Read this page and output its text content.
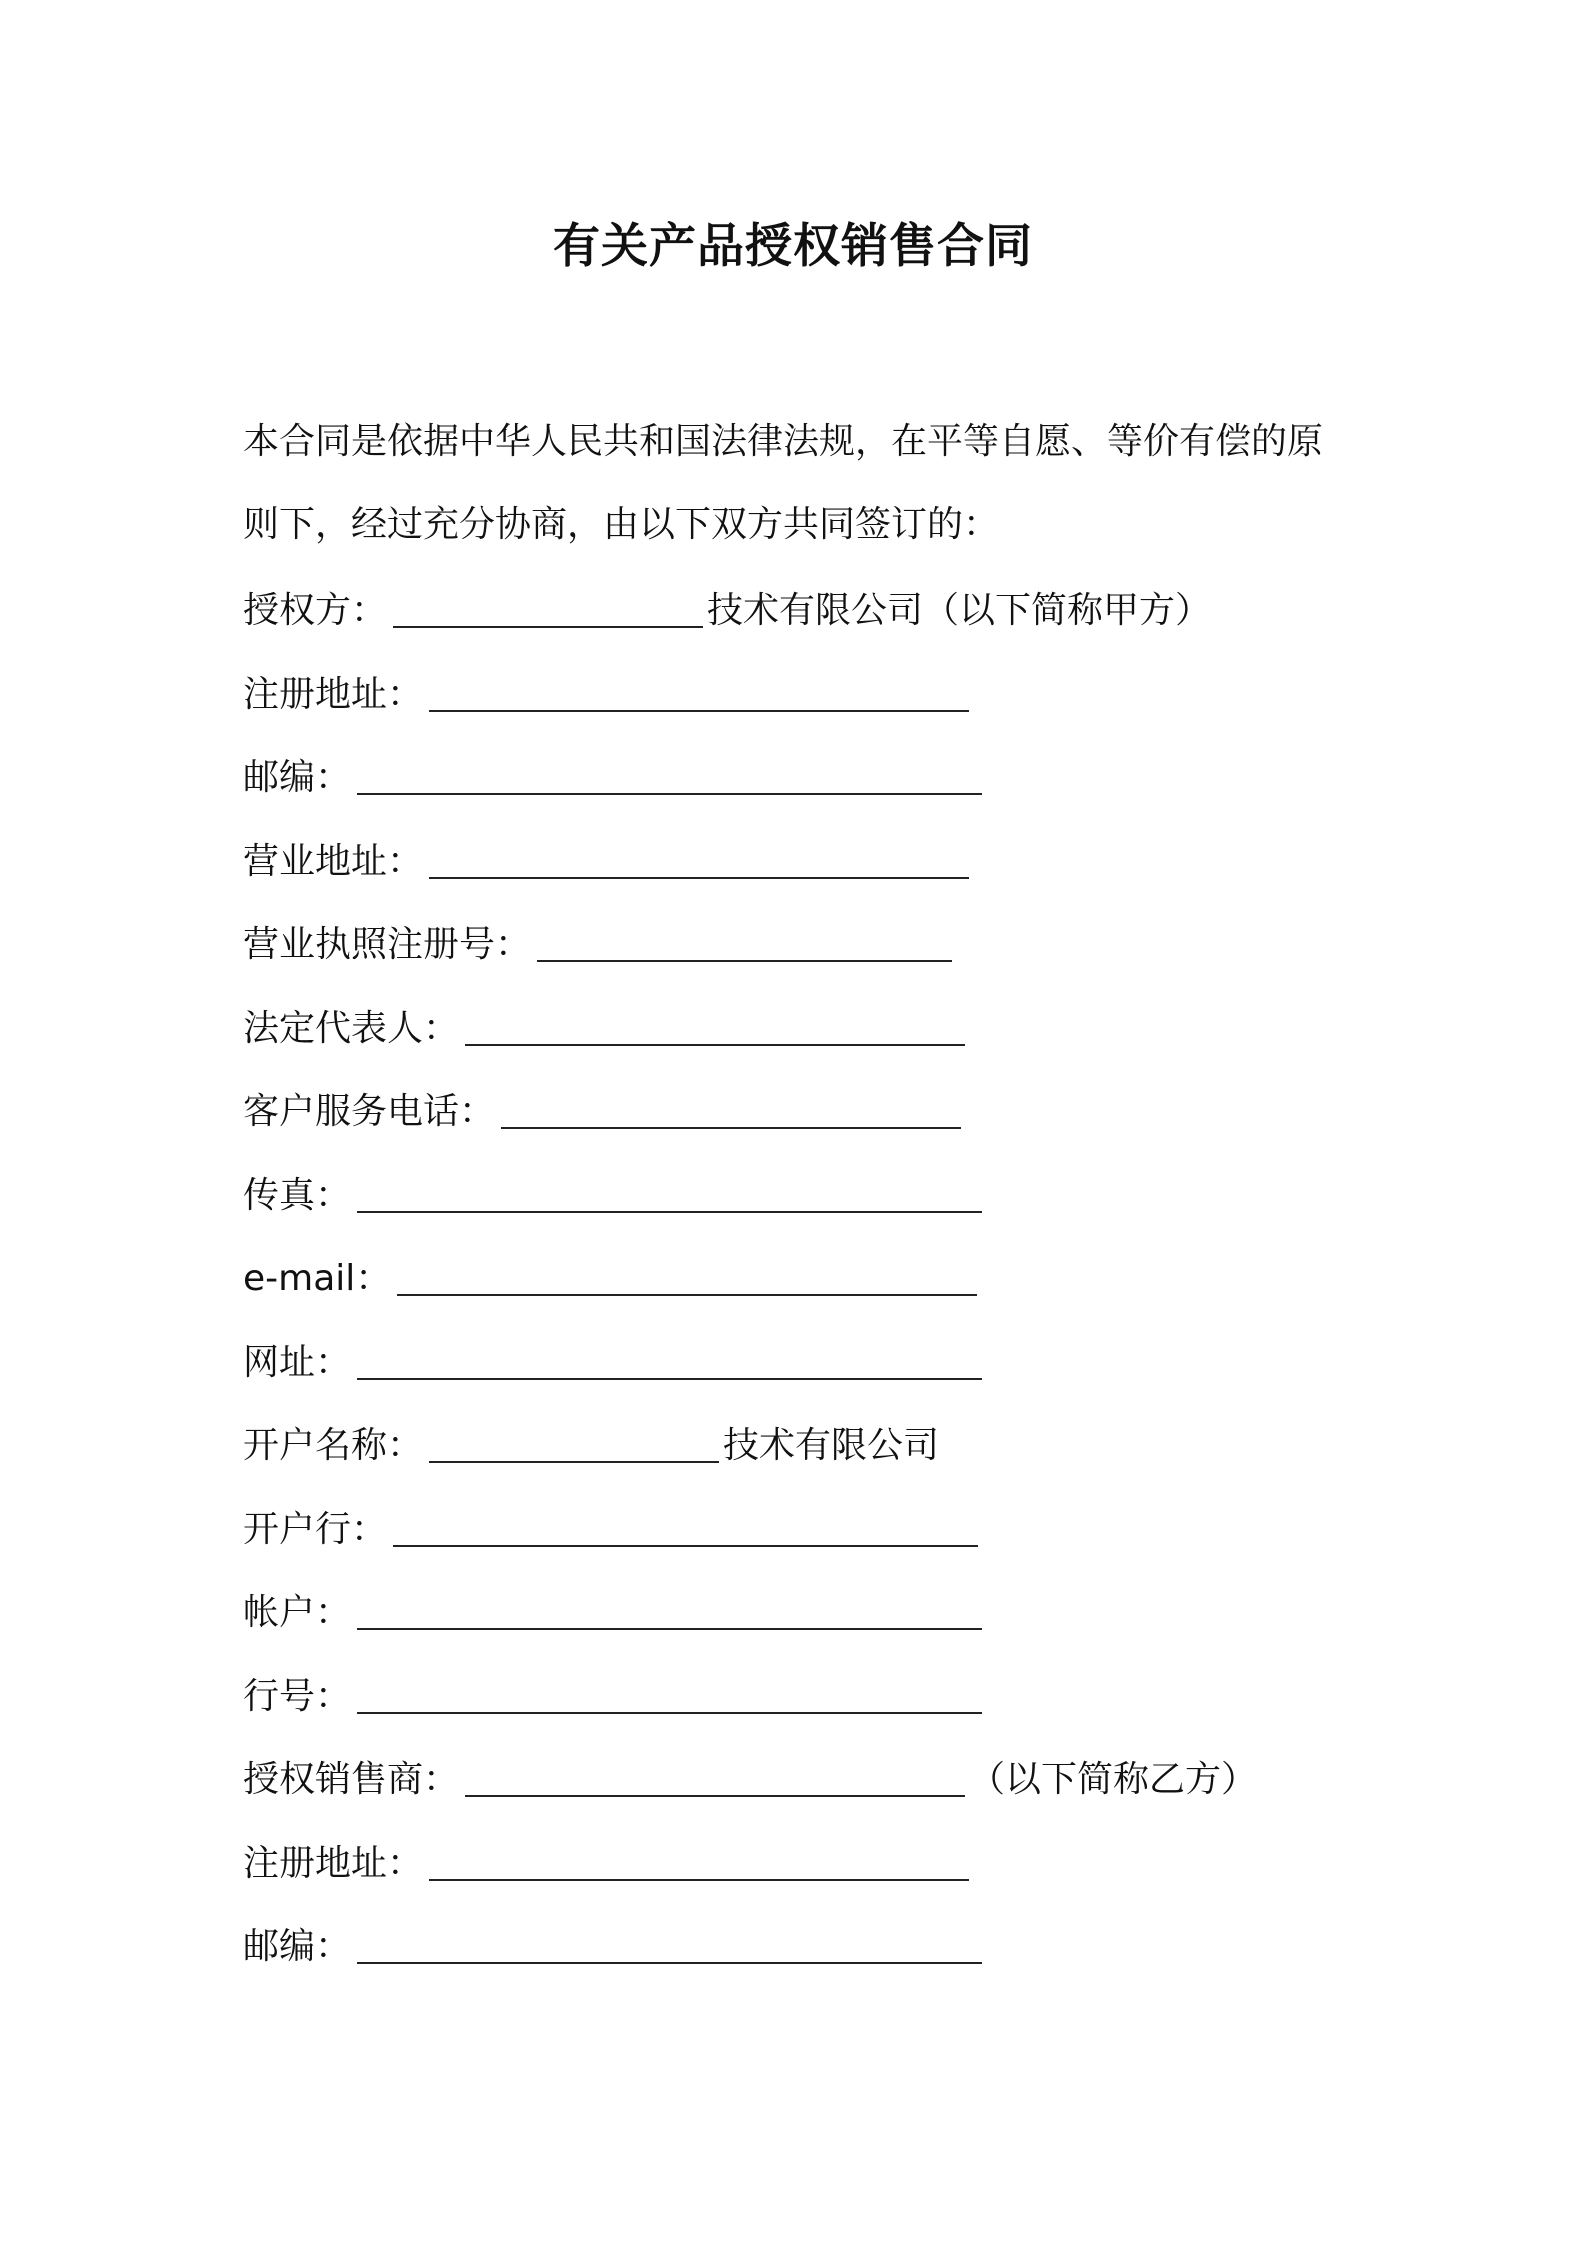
有关产品授权销售合同
本合同是依据中华人民共和国法律法规，在平等自愿、等价有偿的原则下，经过充分协商，由以下双方共同签订的：
授权方：	技术有限公司（以下简称甲方）
注册地址：
邮编：
营业地址：
营业执照注册号：
法定代表人：
客户服务电话：
传真：
e-mail：
网址：
开户名称：	技术有限公司
开户行：
帐户：
行号：
授权销售商：	（以下简称乙方）
注册地址：
邮编：
